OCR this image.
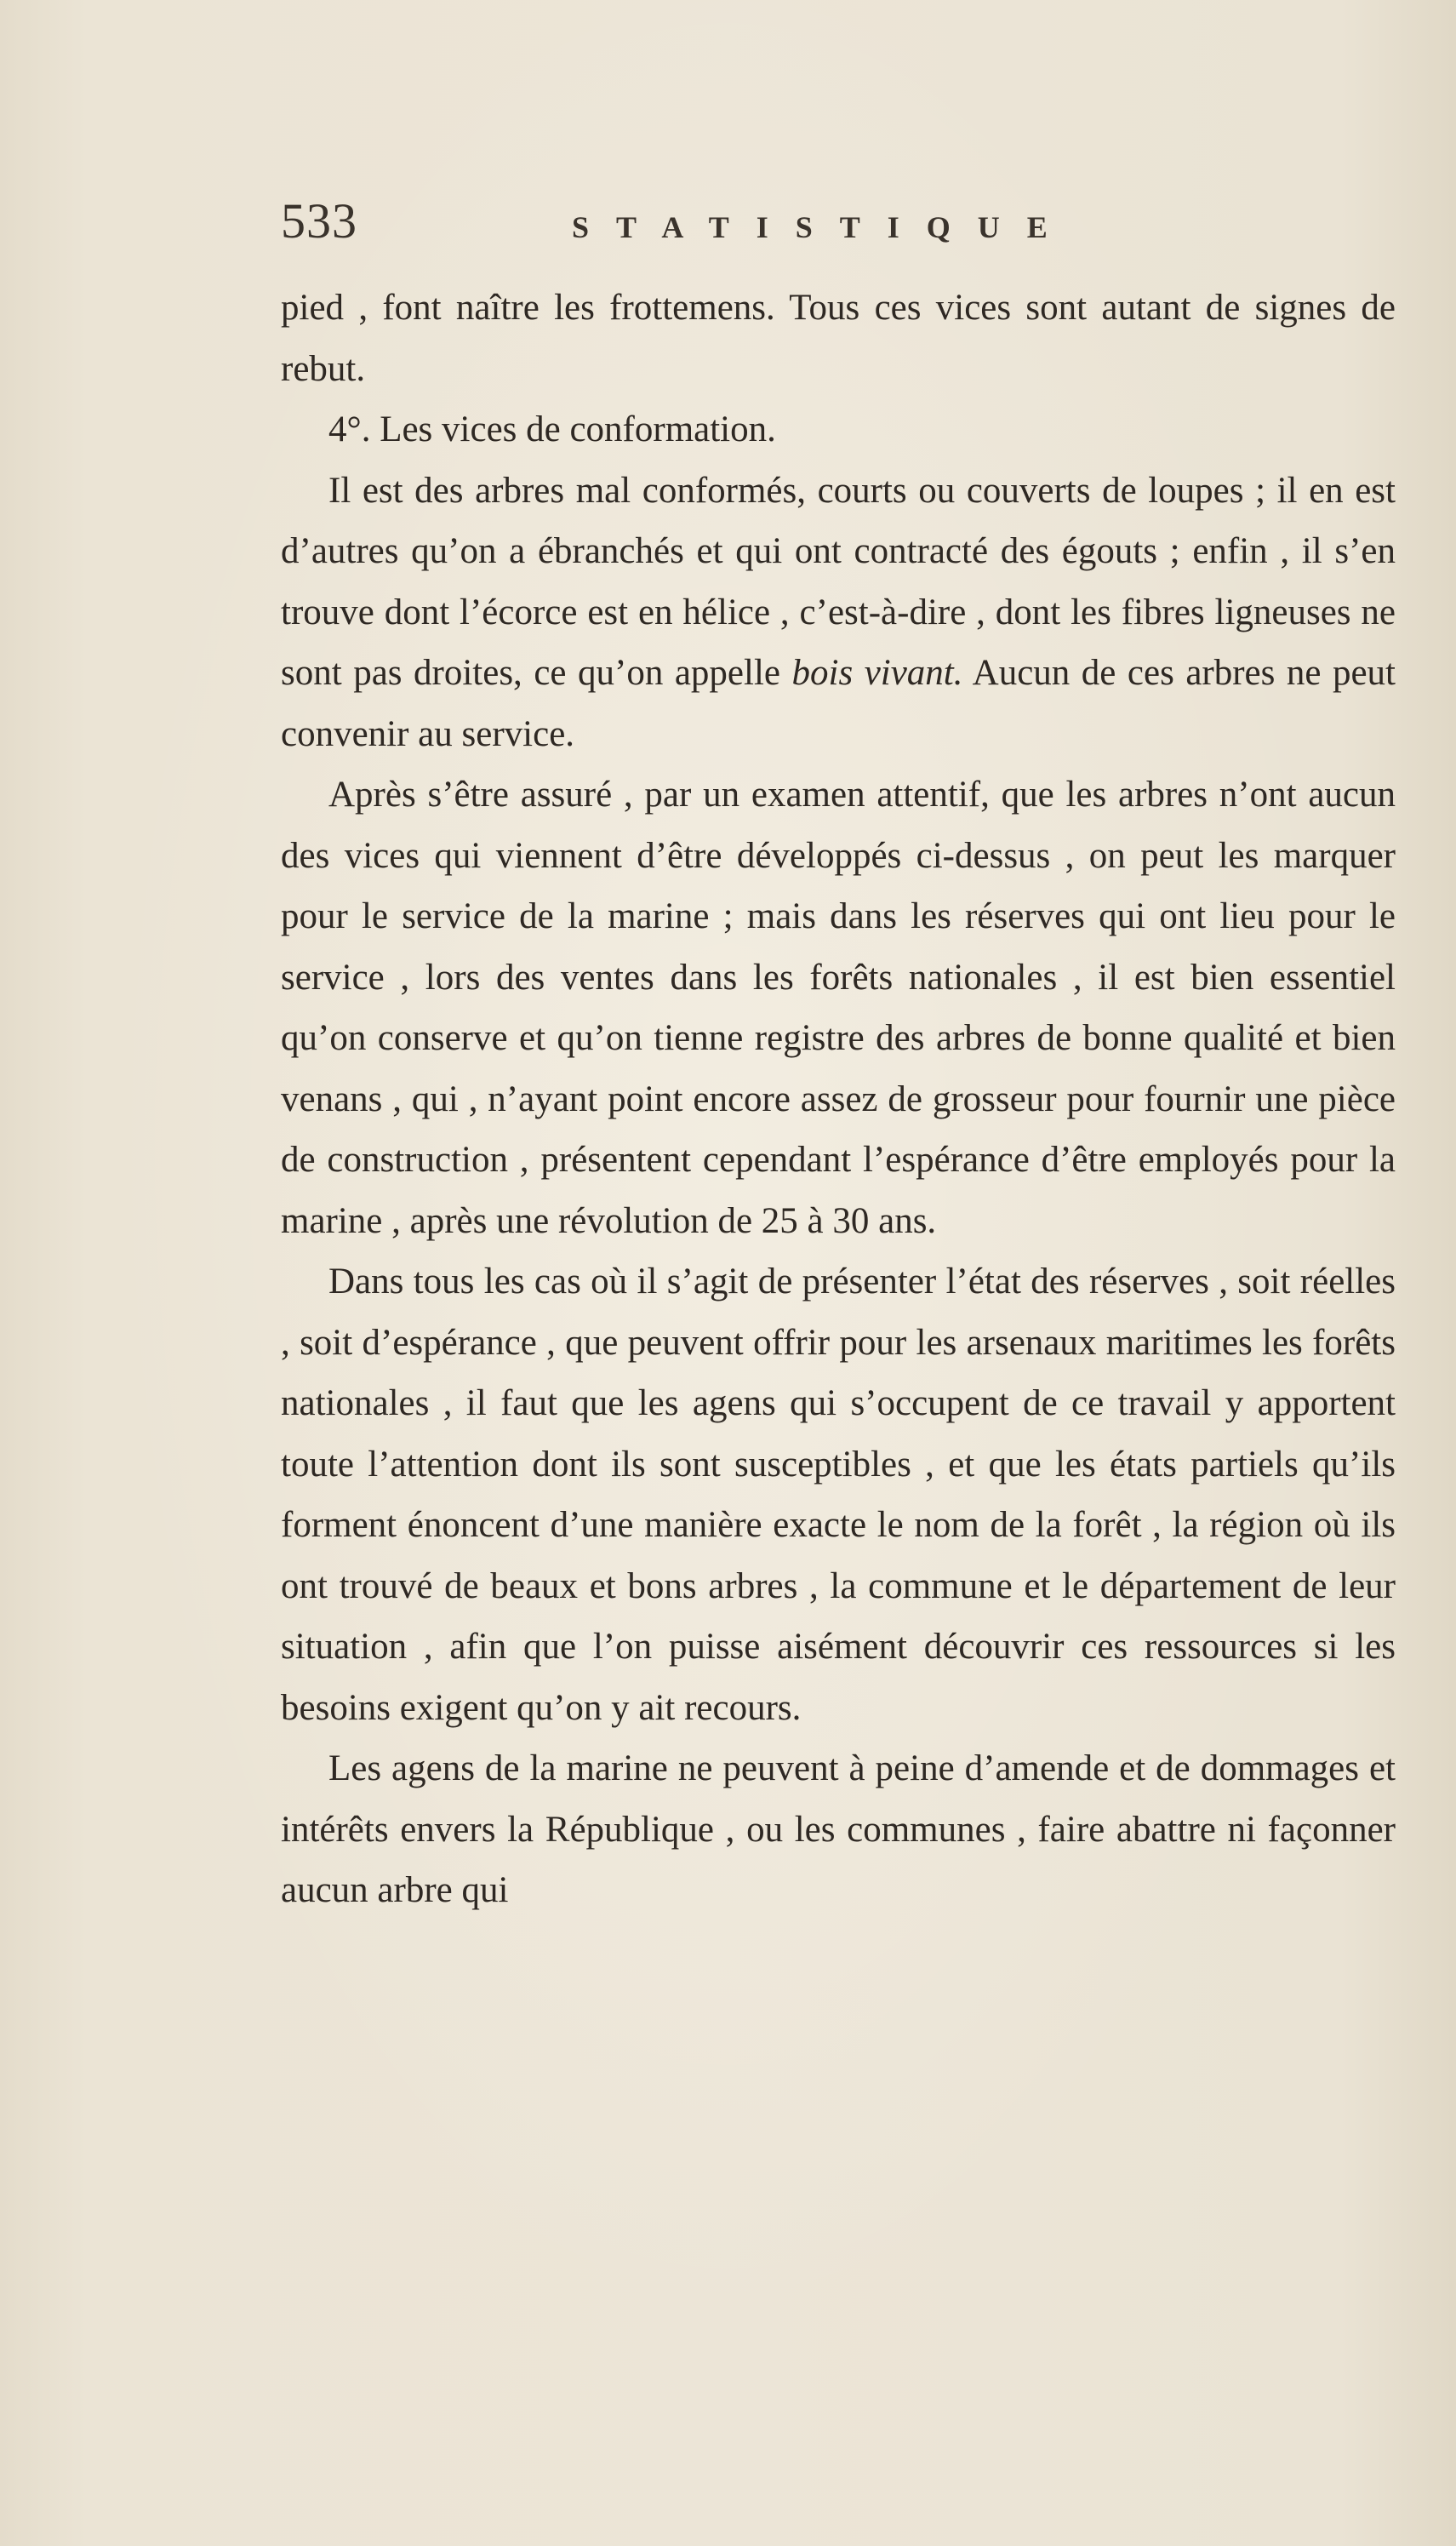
533	STATISTIQUE

pied , font naître les frottemens. Tous ces vices sont autant de signes de rebut.

4°. Les vices de conformation.

Il est des arbres mal conformés, courts ou couverts de loupes ; il en est d’autres qu’on a ébranchés et qui ont contracté des égouts ; enfin , il s’en trouve dont l’écorce est en hélice , c’est-à-dire , dont les fibres ligneuses ne sont pas droites, ce qu’on appelle bois vivant. Aucun de ces arbres ne peut convenir au service.

Après s’être assuré , par un examen attentif, que les arbres n’ont aucun des vices qui viennent d’être développés ci-dessus , on peut les marquer pour le service de la marine ; mais dans les réserves qui ont lieu pour le service , lors des ventes dans les forêts nationales , il est bien essentiel qu’on conserve et qu’on tienne registre des arbres de bonne qualité et bien venans , qui , n’ayant point encore assez de grosseur pour fournir une pièce de construction , présentent cependant l’espérance d’être employés pour la marine , après une révolution de 25 à 30 ans.

Dans tous les cas où il s’agit de présenter l’état des réserves , soit réelles , soit d’espérance , que peuvent offrir pour les arsenaux maritimes les forêts nationales , il faut que les agens qui s’occupent de ce travail y apportent toute l’attention dont ils sont susceptibles , et que les états partiels qu’ils forment énoncent d’une manière exacte le nom de la forêt , la région où ils ont trouvé de beaux et bons arbres , la commune et le département de leur situation , afin que l’on puisse aisément découvrir ces ressources si les besoins exigent qu’on y ait recours.

Les agens de la marine ne peuvent à peine d’amende et de dommages et intérêts envers la République , ou les communes , faire abattre ni façonner aucun arbre qui
